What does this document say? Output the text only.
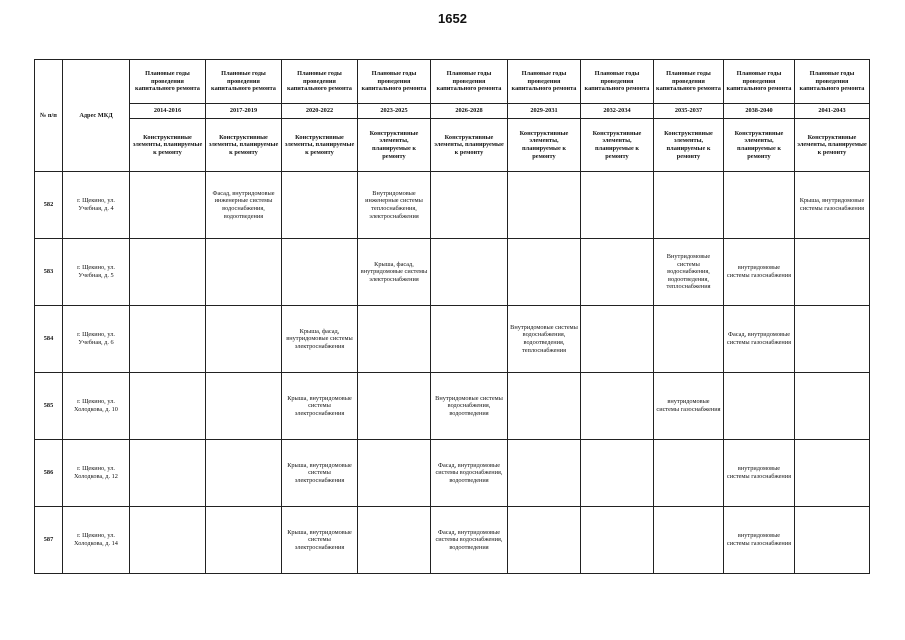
1652
№ п/п	Адрес МКД	Плановые годы проведения капитального ремонта	Плановые годы проведения капитального ремонта	Плановые годы проведения капитального ремонта	Плановые годы проведения капитального ремонта	Плановые годы проведения капитального ремонта	Плановые годы проведения капитального ремонта	Плановые годы проведения капитального ремонта	Плановые годы проведения капитального ремонта	Плановые годы проведения капитального ремонта	Плановые годы проведения капитального ремонта
		2014-2016	2017-2019	2020-2022	2023-2025	2026-2028	2029-2031	2032-2034	2035-2037	2038-2040	2041-2043
		Конструктивные элементы, планируемые к ремонту	Конструктивные элементы, планируемые к ремонту	Конструктивные элементы, планируемые к ремонту	Конструктивные элементы, планируемые к ремонту	Конструктивные элементы, планируемые к ремонту	Конструктивные элементы, планируемые к ремонту	Конструктивные элементы, планируемые к ремонту	Конструктивные элементы, планируемые к ремонту	Конструктивные элементы, планируемые к ремонту	Конструктивные элементы, планируемые к ремонту
582	г. Щекино, ул. Учебная, д. 4		Фасад, внутридомовые инженерные системы водоснабжения, водоотведения		Внутридомовые инженерные системы теплоснабжения, электроснабжения						Крыша, внутридомовые системы газоснабжения
583	г. Щекино, ул. Учебная, д. 5				Крыша, фасад, внутридомовые системы электроснабжения				Внутридомовые системы водоснабжения, водоотведения, теплоснабжения	внутридомовые системы газоснабжения	
584	г. Щекино, ул. Учебная, д. 6			Крыша, фасад, внутридомовые системы электроснабжения			Внутридомовые системы водоснабжения, водоотведения, теплоснабжения			Фасад, внутридомовые системы газоснабжения	
585	г. Щекино, ул. Холодкова, д. 10			Крыша, внутридомовые системы электроснабжения		Внутридомовые системы водоснабжения, водоотведения			внутридомовые системы газоснабжения		
586	г. Щекино, ул. Холодкова, д. 12			Крыша, внутридомовые системы электроснабжения		Фасад, внутридомовые системы водоснабжения, водоотведения				внутридомовые системы газоснабжения	
587	г. Щекино, ул. Холодкова, д. 14			Крыша, внутридомовые системы электроснабжения		Фасад, внутридомовые системы водоснабжения, водоотведения				внутридомовые системы газоснабжения	
